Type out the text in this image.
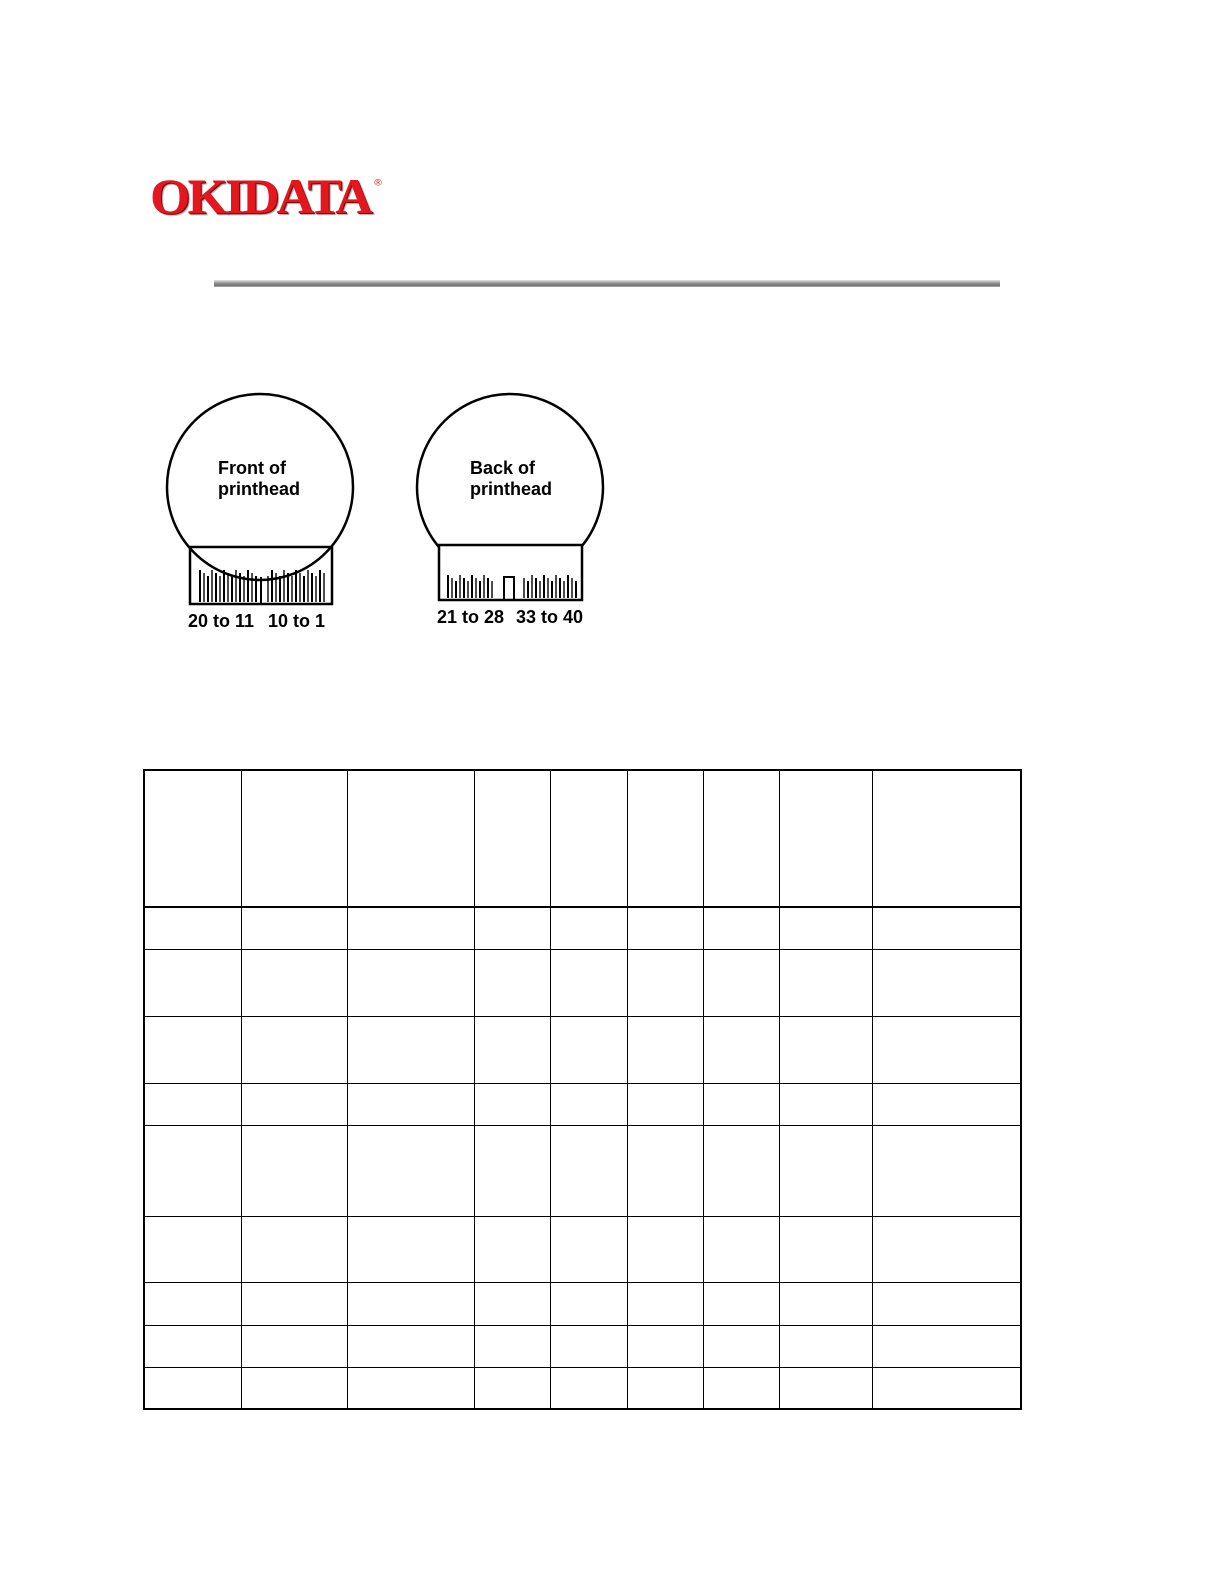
OKIDATA ®
Front of
printhead
20 to 11 10 to 1
Back of
printhead
21 to 28 33 to 40
